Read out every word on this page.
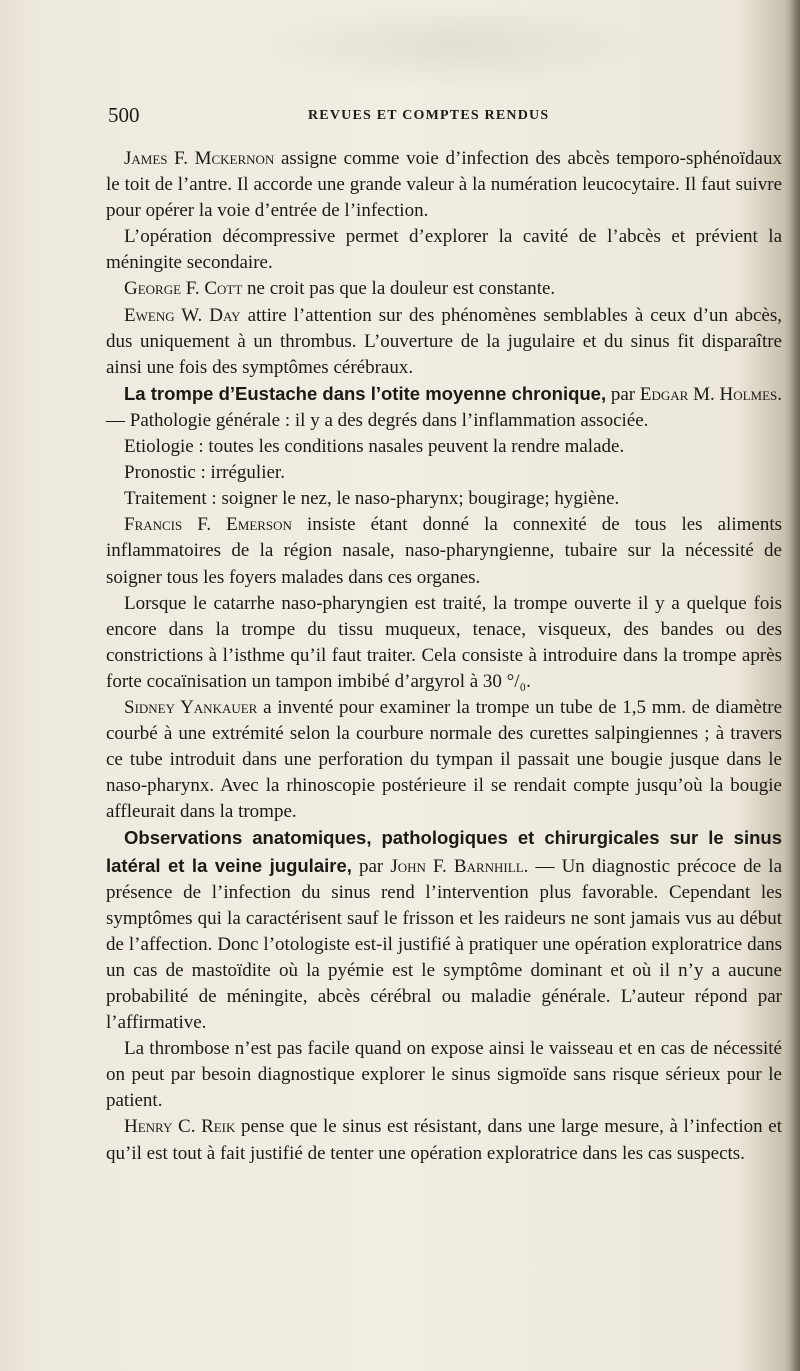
500	REVUES ET COMPTES RENDUS

James F. Mckernon assigne comme voie d’infection des abcès temporo-sphénoïdaux le toit de l’antre. Il accorde une grande valeur à la numération leucocytaire. Il faut suivre pour opérer la voie d’entrée de l’infection.

L’opération décompressive permet d’explorer la cavité de l’abcès et prévient la méningite secondaire.

George F. Cott ne croit pas que la douleur est constante.

Eweng W. Day attire l’attention sur des phénomènes semblables à ceux d’un abcès, dus uniquement à un thrombus. L’ouverture de la jugulaire et du sinus fit disparaître ainsi une fois des symptômes cérébraux.

La trompe d’Eustache dans l’otite moyenne chronique, par Edgar M. Holmes.— Pathologie générale : il y a des degrés dans l’inflammation associée.

Etiologie : toutes les conditions nasales peuvent la rendre malade.

Pronostic : irrégulier.

Traitement : soigner le nez, le naso-pharynx; bougirage; hygiène.

Francis F. Emerson insiste étant donné la connexité de tous les aliments inflammatoires de la région nasale, naso-pharyngienne, tubaire sur la nécessité de soigner tous les foyers malades dans ces organes.

Lorsque le catarrhe naso-pharyngien est traité, la trompe ouverte il y a quelque fois encore dans la trompe du tissu muqueux, tenace, visqueux, des bandes ou des constrictions à l’isthme qu’il faut traiter. Cela consiste à introduire dans la trompe après forte cocaïnisation un tampon imbibé d’argyrol à 30 °/₀.

Sidney Yankauer a inventé pour examiner la trompe un tube de 1,5 mm. de diamètre courbé à une extrémité selon la courbure normale des curettes salpingiennes ; à travers ce tube introduit dans une perforation du tympan il passait une bougie jusque dans le naso-pharynx. Avec la rhinoscopie postérieure il se rendait compte jusqu’où la bougie affleurait dans la trompe.

Observations anatomiques, pathologiques et chirurgicales sur le sinus latéral et la veine jugulaire, par John F. Barnhill. — Un diagnostic précoce de la présence de l’infection du sinus rend l’intervention plus favorable. Cependant les symptômes qui la caractérisent sauf le frisson et les raideurs ne sont jamais vus au début de l’affection. Donc l’otologiste est-il justifié à pratiquer une opération exploratrice dans un cas de mastoïdite où la pyémie est le symptôme dominant et où il n’y a aucune probabilité de méningite, abcès cérébral ou maladie générale. L’auteur répond par l’affirmative.

La thrombose n’est pas facile quand on expose ainsi le vaisseau et en cas de nécessité on peut par besoin diagnostique explorer le sinus sigmoïde sans risque sérieux pour le patient.

Henry C. Reik pense que le sinus est résistant, dans une large mesure, à l’infection et qu’il est tout à fait justifié de tenter une opération exploratrice dans les cas suspects.
